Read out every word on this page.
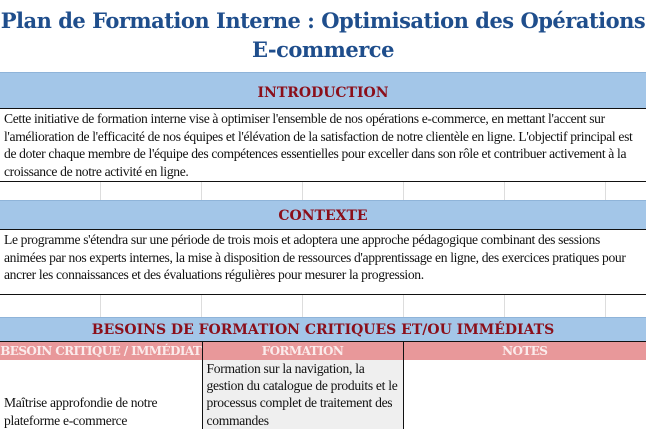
Plan de Formation Interne : Optimisation des Opérations
E-commerce
INTRODUCTION
Cette initiative de formation interne vise à optimiser l'ensemble de nos opérations e-commerce, en mettant l'accent sur l'amélioration de l'efficacité de nos équipes et l'élévation de la satisfaction de notre clientèle en ligne. L'objectif principal est de doter chaque membre de l'équipe des compétences essentielles pour exceller dans son rôle et contribuer activement à la croissance de notre activité en ligne.
CONTEXTE
Le programme s'étendra sur une période de trois mois et adoptera une approche pédagogique combinant des sessions animées par nos experts internes, la mise à disposition de ressources d'apprentissage en ligne, des exercices pratiques pour ancrer les connaissances et des évaluations régulières pour mesurer la progression.
BESOINS DE FORMATION CRITIQUES ET/OU IMMÉDIATS
BESOIN CRITIQUE / IMMÉDIAT	FORMATION	NOTES
Maîtrise approfondie de notre plateforme e-commerce	Formation sur la navigation, la gestion du catalogue de produits et le processus complet de traitement des commandes	
